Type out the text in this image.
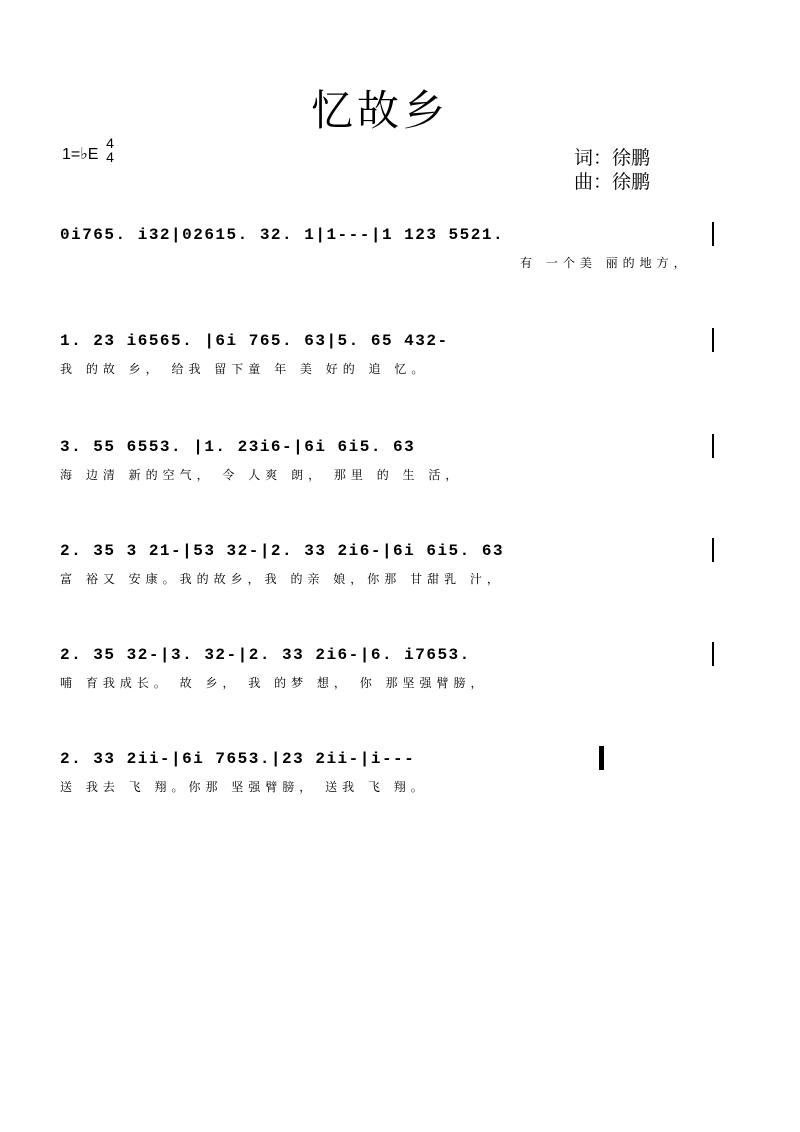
忆故乡
1=♭E
4
4	词：徐鹏
曲：徐鹏
0i765. i32|02615. 32. 1|1---|1 123 5521.
有 一个美 丽的地方，
1. 23 i6565. |6i 765. 63|5. 65 432-
我 的故 乡， 给我 留下童 年 美 好的 追 忆。
3. 55 6553. |1. 23i6-|6i 6i5. 63
海 边清 新的空气， 令 人爽 朗， 那里 的 生 活，
2. 35 3 21-|53 32-|2. 33 2i6-|6i 6i5. 63
富 裕又 安康。我的故乡，我 的亲 娘，你那 甘甜乳 汁，
2. 35 32-|3. 32-|2. 33 2i6-|6. i7653.
哺 育我成长。 故 乡， 我 的梦 想， 你 那坚强臂膀，
2. 33 2ii-|6i 7653.|23 2ii-|i---
送 我去 飞 翔。你那 坚强臂膀， 送我 飞 翔。
